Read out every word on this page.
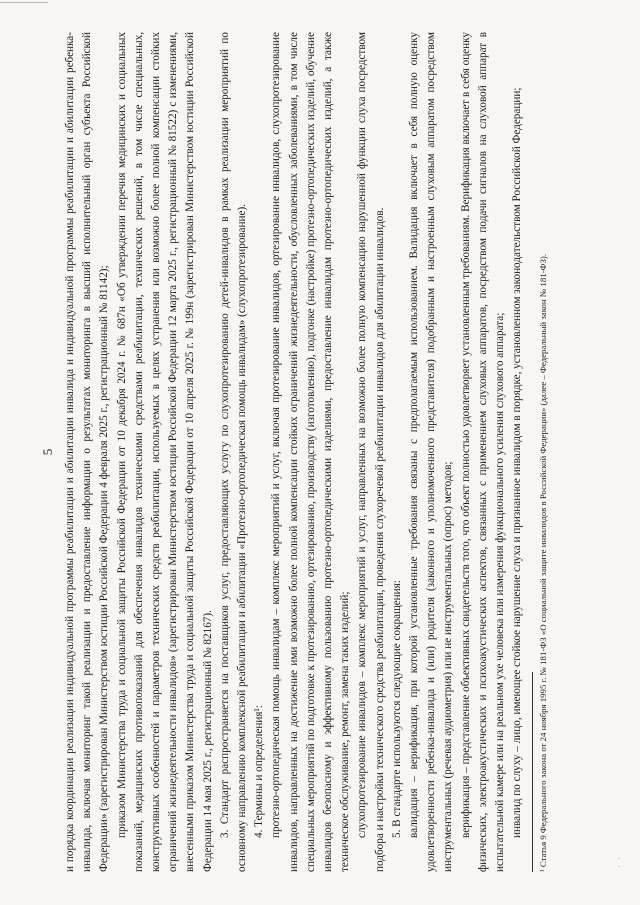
5 и порядка координации реализации индивидуальной программы реабилитации и абилитации инвалида и индивидуальной программы реабилитации и абилитации ребенка-инвалида, включая мониторинг такой реализации и предоставление информации о результатах мониторинга в высший исполнительный орган субъекта Российской Федерации» (зарегистрирован Министерством юстиции Российской Федерации 4 февраля 2025 г., регистрационный № 81142); приказом Министерства труда и социальной защиты Российской Федерации от 10 декабря 2024 г. № 687н «Об утверждении перечня медицинских и социальных показаний, медицинских противопоказаний для обеспечения инвалидов техническими средствами реабилитации, технических решений, в том числе специальных, конструктивных особенностей и параметров технических средств реабилитации, используемых в целях устранения или возможно более полной компенсации стойких ограничений жизнедеятельности инвалидов» (зарегистрирован Министерством юстиции Российской Федерации 12 марта 2025 г., регистрационный № 81522) с изменениями, внесенными приказом Министерства труда и социальной защиты Российской Федерации от 10 апреля 2025 г. № 199н (зарегистрирован Министерством юстиции Российской Федерации 14 мая 2025 г., регистрационный № 82167). 3. Стандарт распространяется на поставщиков услуг, предоставляющих услугу по слухопротезированию детей-инвалидов в рамках реализации мероприятий по основному направлению комплексной реабилитации и абилитации «Протезно-ортопедическая помощь инвалидам» (слухопротезирование). 4. Термины и определения¹: протезно-ортопедическая помощь инвалидам – комплекс мероприятий и услуг, включая протезирование инвалидов, ортезирование инвалидов, слухопротезирование инвалидов, направленных на достижение ими возможно более полной компенсации стойких ограничений жизнедеятельности, обусловленных заболеваниями, в том числе специальных мероприятий по подготовке к протезированию, ортезированию, производству (изготовлению), подгонке (настройке) протезно-ортопедических изделий, обучение инвалидов безопасному и эффективному пользованию протезно-ортопедическими изделиями, предоставление инвалидам протезно-ортопедических изделий, а также техническое обслуживание, ремонт, замена таких изделий; слухопротезирование инвалидов – комплекс мероприятий и услуг, направленных на возможно более полную компенсацию нарушенной функции слуха посредством подбора и настройки технического средства реабилитации, проведения слухоречевой реабилитации инвалидов для абилитации инвалидов. 5. В стандарте используются следующие сокращения: валидация – верификация, при которой установленные требования связаны с предполагаемым использованием. Валидация включает в себя полную оценку удовлетворенности ребенка-инвалида и (или) родителя (законного и уполномоченного представителя) подобранным и настроенным слуховым аппаратом посредством инструментальных (речевая аудиометрия) или не инструментальных (опрос) методов; верификация – представление объективных свидетельств того, что объект полностью удовлетворяет установленным требованиям. Верификация включает в себя оценку физических, электроакустических и психоакустических аспектов, связанных с применением слуховых аппаратов, посредством подачи сигналов на слуховой аппарат в испытательной камере или на реальном ухе человека или измерения функционального усиления слухового аппарата; инвалид по слуху – лицо, имеющее стойкое нарушение слуха и признанное инвалидом в порядке, установленном законодательством Российской Федерации;	¹ Статья 9 Федерального закона от 24 ноября 1995 г. № 181-ФЗ «О социальной защите инвалидов в Российской Федерации» (далее – Федеральный закон № 181-ФЗ).	∙
·
